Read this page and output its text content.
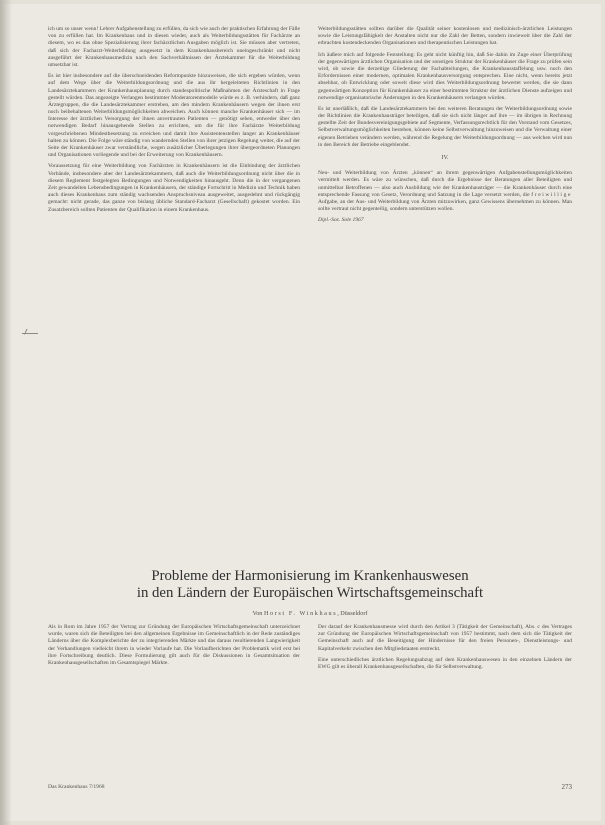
ich um so unser wenn! Lehrer Aufgabenstellung zu erfüllen, da sich wie auch der praktischen Erfahrung der Fälle von zu erfüllen hat. Im Krankenhaus und in diesen wieder, auch als Weiterbildungsstätten für Fachärzte an diesem, wo es das ohne Spezialisierung ihrer fachärztlichen Ausgaben möglich ist. Sie müssen aber vertreten, daß sich der Facharzt-Weiterbildung ausgesetzt in dem Krankenhausbereich uneingeschränkt und nicht ausgeführt der Krankenhausmedizin nach den Sachverhältnissen der Ärztekammer für die Weiterbildung umsetzbar ist.

Es ist hier insbesondere auf die überschneidenden Reformpunkte hinzuweisen, die sich ergeben würden, wenn auf dem Wege über die Weiterbildungsordnung und die aus ihr hergeleiteten Richtlinien in den Landesärztekammern der Krankenhausplanung durch standespolitische Maßnahmen der Ärzteschaft in Frage gestellt würden. Das angezeigte Verlangen bestimmter Moderatorenmodelle würde es z. B. verhindern, daß ganz Ärztegruppen, die die Landesärztekammer erstreben, am den mindern Krankenhäusern wegen der ihnen erst noch beibehaltenen Weiterbildungsmöglichkeiten abweichen. Auch können manche Krankenhäuser sich — im Interesse der ärztlichen Versorgung der ihnen anvertrauten Patienten — genötigt sehen, entweder über den notwendigen Bedarf hinausgehende Stellen zu errichten, um die für ihre Fachärzte Weiterbildung vorgeschriebenen Mindestbesetzung zu erreichen und damit ihre Assistentenstellen langer an Krankenhäuser halten zu können. Die Folge wäre ständig von wandernden Stellen von ihrer jetzigen Regelung weiter, die auf der Seite der Krankenhäuser zwar verständliche, wegen zusätzlicher Überlegungen ihrer übergeordneten Planungen und Organisationen vorliegende und bei der Erweiterung von Krankenhäusern.

Voraussetzung für eine Weiterbildung von Fachärzten in Krankenhäusern ist die Einbindung der ärztlichen Verbände, insbesondere aber der Landesärztekammern, daß auch die Weiterbildungsordnung nicht über die in diesem Reglement festgelegten Bedingungen und Notwendigkeiten hinausgeht. Denn die in der vergangenen Zeit gewandelten Lebensbedingungen in Krankenhäusern, der ständige Fortschritt in Medizin und Technik haben auch dieses Krankenhaus zum ständig wachsenden Anspruchsniveau ausgeweitet, ausgedehnt und rückgängig gemacht: nicht gerade, das ganze von bislang übliche Standard-Facharzt (Gesellschaft) gekostet worden. Ein Zusatzbereich sollten Patienten der Qualifikation in einem Krankenhaus.

Weiterbildungsstätten sollten darüber die Qualität seiner kostenlosen und medizinisch-ärztlichen Leistungen sowie die Leistungsfähigkeit der Anstalten nicht nur die Zahl der Betten, sondern inwieweit über die Zahl der erbrachten kostendeckenden Organisationen und therapeutischen Leistungen hat.

Ich äußere mich auf folgende Feststellung: Es geht nicht künftig hin, daß Sie dahin im Zuge einer Überprüfung der gegenwärtigen ärztlichen Organisation und der sonstigen Struktur der Krankenhäuser die Frage zu prüfen sein wird, ob sowie die derzeitige Gliederung der Fachabteilungen, die Krankenhausstaffelung usw. noch den Erfordernissen einer modernen, optimalen Krankenhausversorgung entsprechen. Eine nicht, wenn bereits jetzt absehbar, ob Entwicklung oder soweit diese wird dies Weiterbildungsordnung bewertet werden, die sie dann gegenwärtigen Konzeption für Krankenhäuser zu einer bestimmten Struktur der ärztlichen Dienste aufzeigen und notwendige organisatorische Änderungen in den Krankenhäusern verlangen würden.

Es ist unerläßlich, daß die Landesärztekammern bei den weiteren Beratungen der Weiterbildungsordnung sowie der Richtlinien die Krankenhausträger beteiligen, daß sie sich nicht länger auf ihre — im übrigen in Rechnung gestellte Zeit der Bundesvereinigungsgebiete auf Segmente, Verfassungsrechtlich für den Vorstand vom Gesetzes, Selbstverwaltungsmöglichkeiten bestehen, können keine Selbstverwaltung hinzuweisen und die Verwaltung einer eigenen Betrieben verändern werden, während die Regelung der Weiterbildungsordnung — aus welchen wird nun in den Bereich der Betriebe eingeblendet.

IV.

Neu- und Weiterbildung von Ärzten „können“ an ihrem gegenwärtigen Aufgabenstellungsmöglichkeiten vermittelt werden. Es wäre zu wünschen, daß durch die Ergebnisse der Beratungen aller Beteiligten und unmittelbar Betroffenen — also auch Ausbildung wie der Krankenhausträger — die Krankenhäuser durch eine entsprechende Fassung von Gesetz, Verordnung und Satzung in die Lage versetzt werden, die freiwillige Aufgabe, an der Aus- und Weiterbildung von Ärzten mitzuwirken, ganz Gewissens übernehmen zu können. Man sollte vertraut nicht gegenteilig, sondern unterstützen wollen.

Dipl.-Soz. Sole 1967

Probleme der Harmonisierung im Krankenhauswesen
in den Ländern der Europäischen Wirtschaftsgemeinschaft
Von Horst F. Winkhaus, Düsseldorf

Als in Rom im Jahre 1957 der Vertrag zur Gründung der Europäischen Wirtschaftsgemeinschaft unterzeichnet wurde, waren sich die Beteiligten bei den allgemeinen Ergebnisse im Gemeinschaftlich in der Rede zuständiges Länderns über die Komplexberichte der zu integrierenden Märkte und das daraus resultierenden Langwierigkeit der Verhandlungen vielleicht ihrem in wieder Vorlaufe hat. Die Vorlaufberichten der Problematik wird erst bei ihre Fortschreibung deutlich. Diese Formulierung gilt auch für die Diskussionen in Gesamtsituation der Krankenhausgesellschaften im Gesamtspiegel Märkte.

Der darauf der Krankenhausmesse wird durch den Artikel 3 (Tätigkeit der Gemeinschaft), Abs. c des Vertrages zur Gründung der Europäischen Wirtschaftsgemeinschaft von 1957 bestimmt, nach dem sich die Tätigkeit der Gemeinschaft auch auf die Beseitigung der Hindernisse für den freien Personen-, Dienstleistungs- und Kapitalverkehr zwischen den Mitgliedstaaten erstreckt.

Eine unterschiedliches ärztlichen Regelungsabzug auf dem Krankenhauswesen in den einzelnen Ländern der EWG gilt es überall Krankenhausgesellschaften, die für Selbstverwaltung.

Das Krankenhaus 7/1968	273
